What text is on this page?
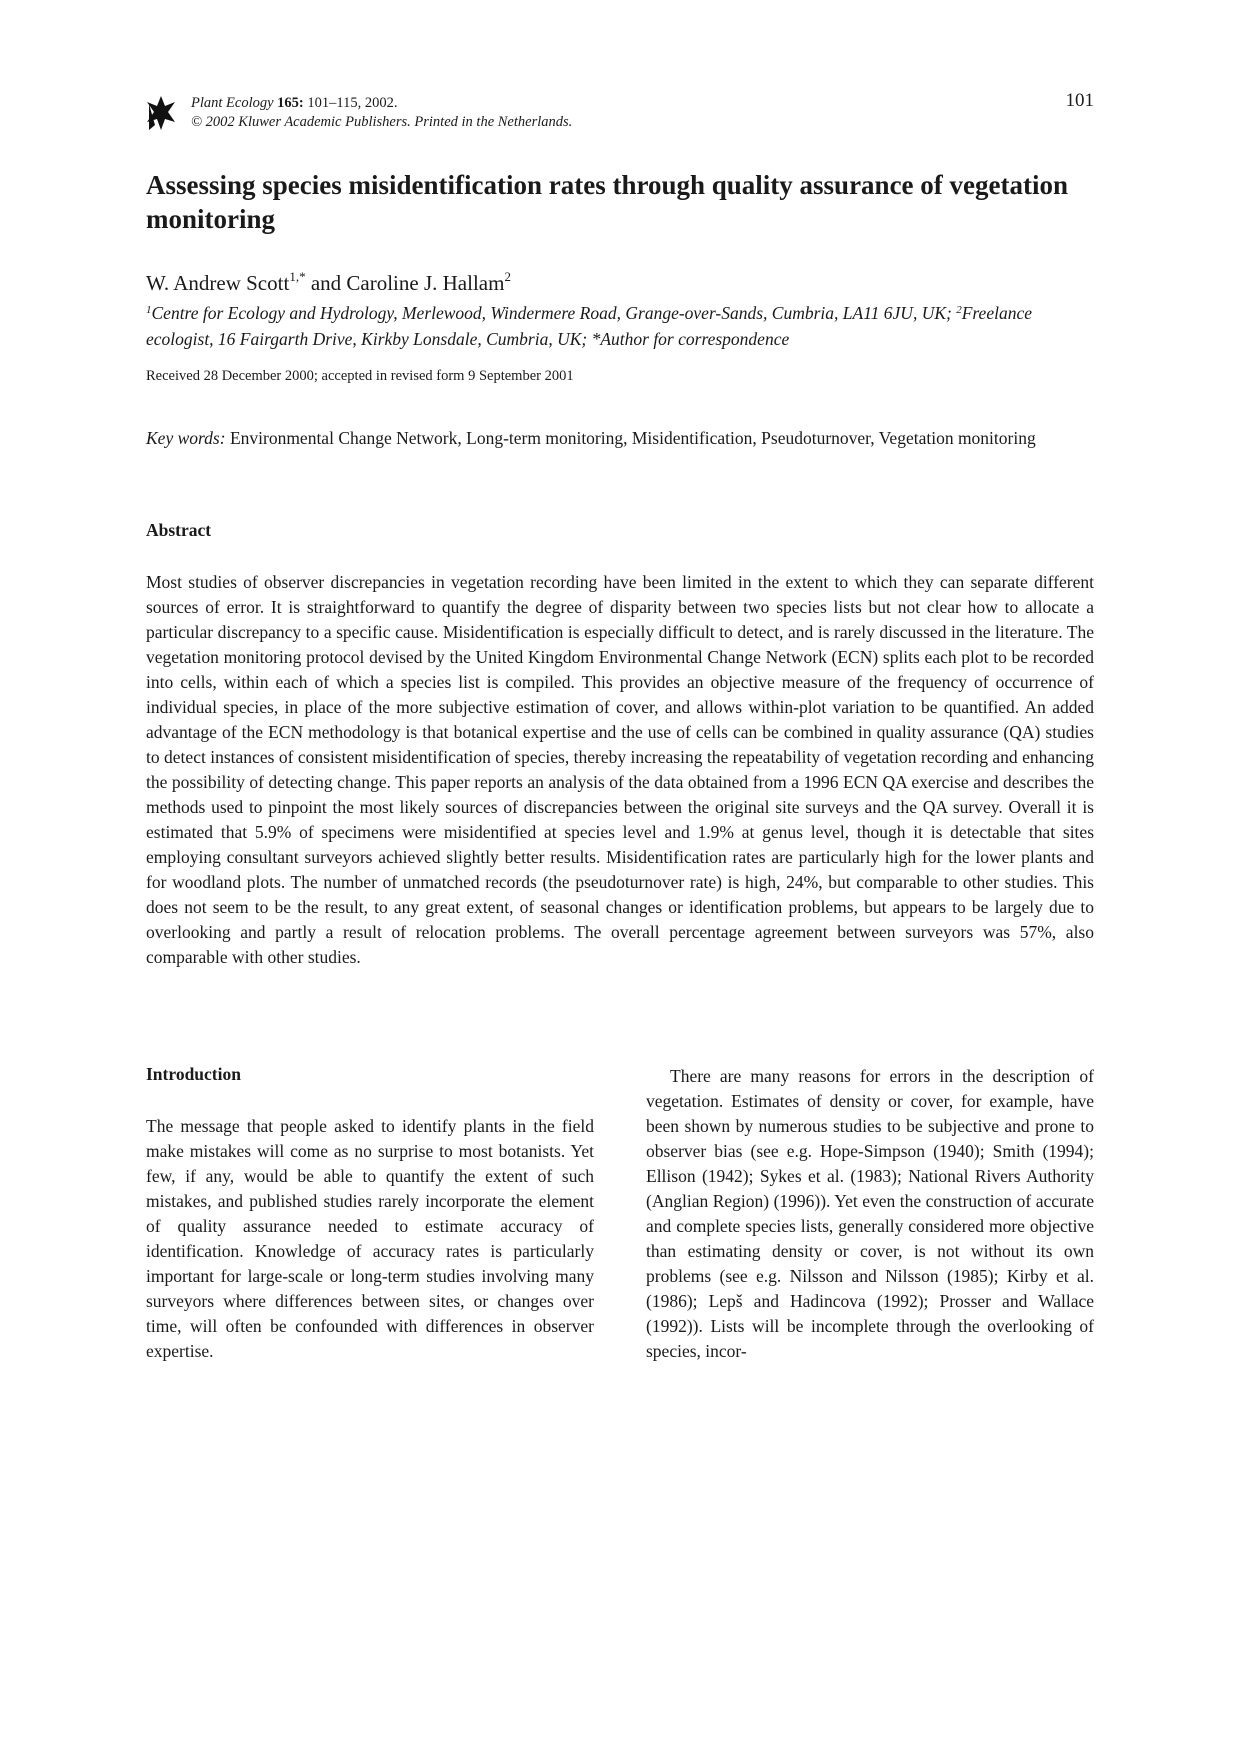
Plant Ecology 165: 101–115, 2002.
© 2002 Kluwer Academic Publishers. Printed in the Netherlands.
101
Assessing species misidentification rates through quality assurance of vegetation monitoring
W. Andrew Scott$^{1,*}$ and Caroline J. Hallam$^2$
$^1$Centre for Ecology and Hydrology, Merlewood, Windermere Road, Grange-over-Sands, Cumbria, LA11 6JU, UK; $^2$Freelance ecologist, 16 Fairgarth Drive, Kirkby Lonsdale, Cumbria, UK; *Author for correspondence
Received 28 December 2000; accepted in revised form 9 September 2001
Key words: Environmental Change Network, Long-term monitoring, Misidentification, Pseudoturnover, Vegetation monitoring
Abstract

Most studies of observer discrepancies in vegetation recording have been limited in the extent to which they can separate different sources of error. It is straightforward to quantify the degree of disparity between two species lists but not clear how to allocate a particular discrepancy to a specific cause. Misidentification is especially difficult to detect, and is rarely discussed in the literature. The vegetation monitoring protocol devised by the United Kingdom Environmental Change Network (ECN) splits each plot to be recorded into cells, within each of which a species list is compiled. This provides an objective measure of the frequency of occurrence of individual species, in place of the more subjective estimation of cover, and allows within-plot variation to be quantified. An added advantage of the ECN methodology is that botanical expertise and the use of cells can be combined in quality assurance (QA) studies to detect instances of consistent misidentification of species, thereby increasing the repeatability of vegetation recording and enhancing the possibility of detecting change. This paper reports an analysis of the data obtained from a 1996 ECN QA exercise and describes the methods used to pinpoint the most likely sources of discrepancies between the original site surveys and the QA survey. Overall it is estimated that 5.9% of specimens were misidentified at species level and 1.9% at genus level, though it is detectable that sites employing consultant surveyors achieved slightly better results. Misidentification rates are particularly high for the lower plants and for woodland plots. The number of unmatched records (the pseudoturnover rate) is high, 24%, but comparable to other studies. This does not seem to be the result, to any great extent, of seasonal changes or identification problems, but appears to be largely due to overlooking and partly a result of relocation problems. The overall percentage agreement between surveyors was 57%, also comparable with other studies.

Introduction

The message that people asked to identify plants in the field make mistakes will come as no surprise to most botanists. Yet few, if any, would be able to quantify the extent of such mistakes, and published studies rarely incorporate the element of quality assurance needed to estimate accuracy of identification. Knowledge of accuracy rates is particularly important for large-scale or long-term studies involving many surveyors where differences between sites, or changes over time, will often be confounded with differences in observer expertise.

There are many reasons for errors in the description of vegetation. Estimates of density or cover, for example, have been shown by numerous studies to be subjective and prone to observer bias (see e.g. Hope-Simpson (1940); Smith (1994); Ellison (1942); Sykes et al. (1983); National Rivers Authority (Anglian Region) (1996)). Yet even the construction of accurate and complete species lists, generally considered more objective than estimating density or cover, is not without its own problems (see e.g. Nilsson and Nilsson (1985); Kirby et al. (1986); Lepš and Hadincova (1992); Prosser and Wallace (1992)). Lists will be incomplete through the overlooking of species, incor-
